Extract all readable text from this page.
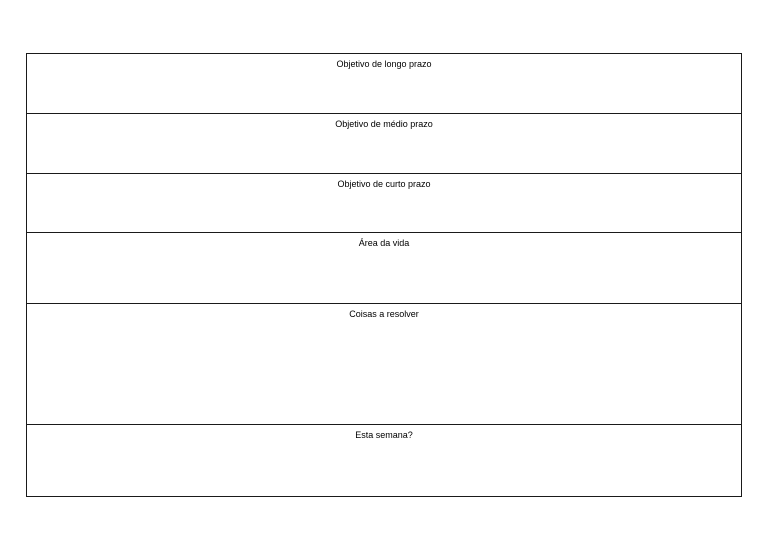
Objetivo de longo prazo
Objetivo de médio prazo
Objetivo de curto prazo
Área da vida
Coisas a resolver
Esta semana?
